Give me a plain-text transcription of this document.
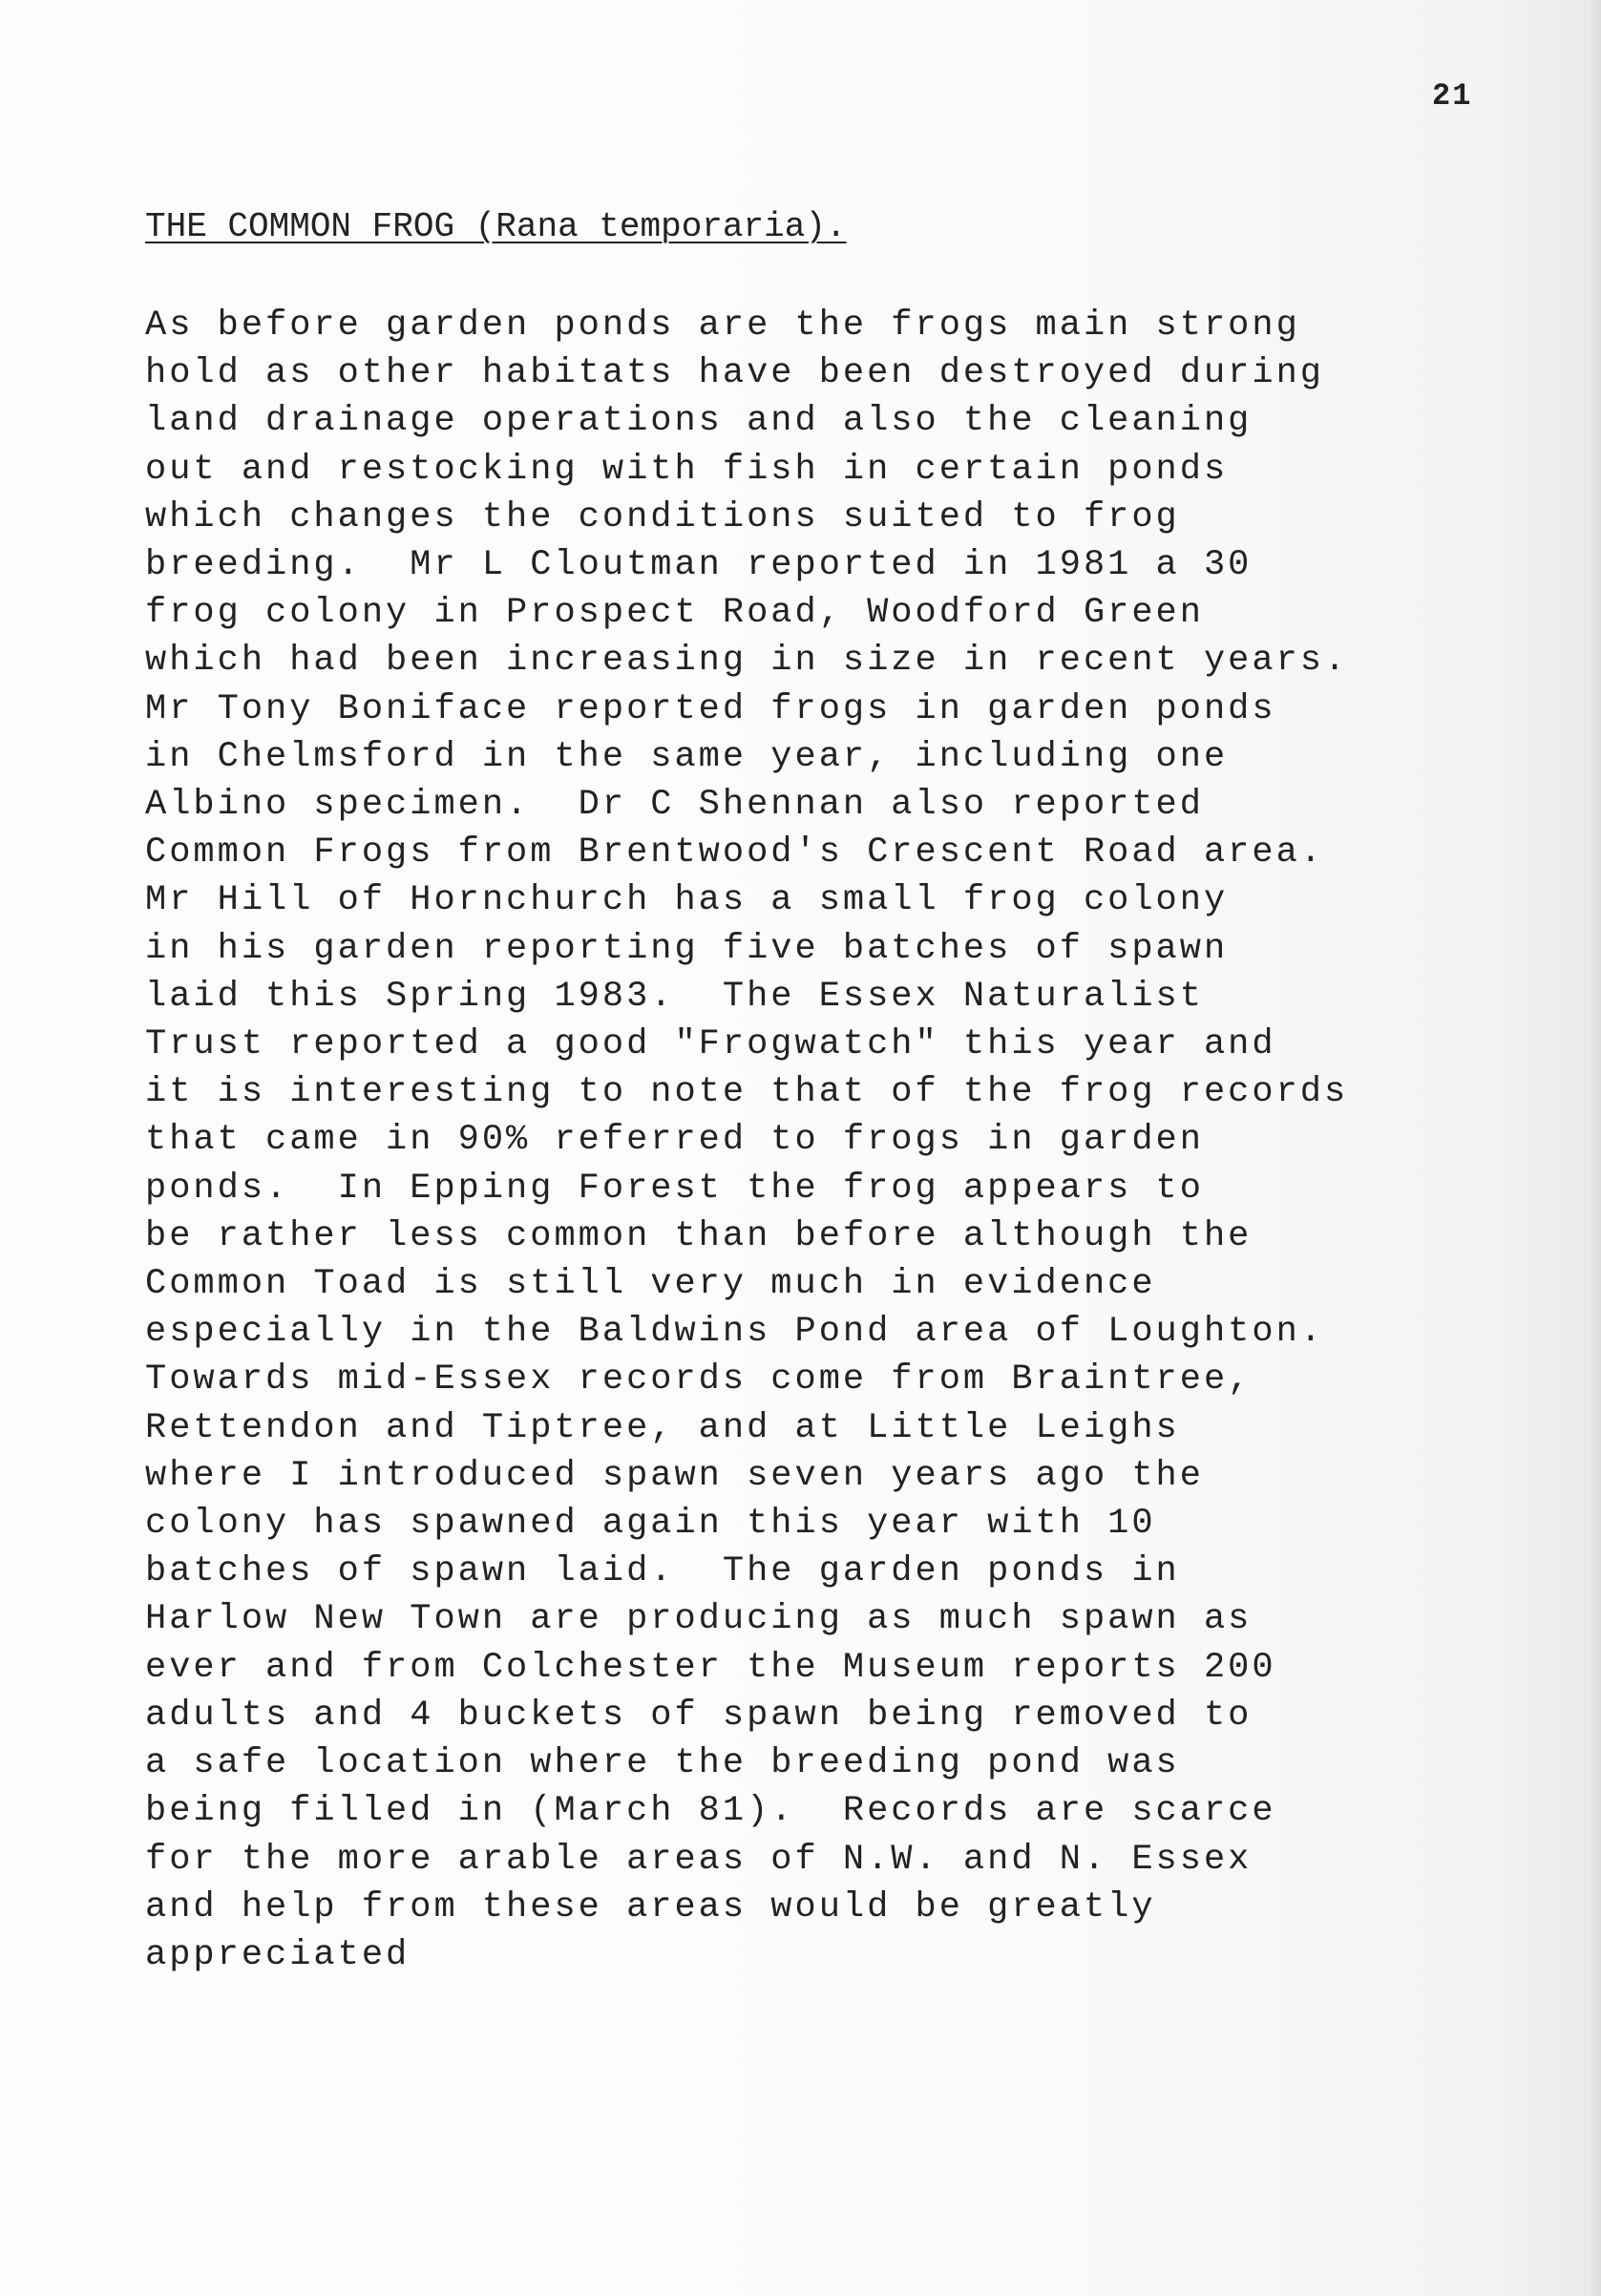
21
THE COMMON FROG (Rana temporaria).
As before garden ponds are the frogs main strong
hold as other habitats have been destroyed during
land drainage operations and also the cleaning
out and restocking with fish in certain ponds
which changes the conditions suited to frog
breeding.  Mr L Cloutman reported in 1981 a 30
frog colony in Prospect Road, Woodford Green
which had been increasing in size in recent years.
Mr Tony Boniface reported frogs in garden ponds
in Chelmsford in the same year, including one
Albino specimen.  Dr C Shennan also reported
Common Frogs from Brentwood's Crescent Road area.
Mr Hill of Hornchurch has a small frog colony
in his garden reporting five batches of spawn
laid this Spring 1983.  The Essex Naturalist
Trust reported a good "Frogwatch" this year and
it is interesting to note that of the frog records
that came in 90% referred to frogs in garden
ponds.  In Epping Forest the frog appears to
be rather less common than before although the
Common Toad is still very much in evidence
especially in the Baldwins Pond area of Loughton.
Towards mid-Essex records come from Braintree,
Rettendon and Tiptree, and at Little Leighs
where I introduced spawn seven years ago the
colony has spawned again this year with 10
batches of spawn laid.  The garden ponds in
Harlow New Town are producing as much spawn as
ever and from Colchester the Museum reports 200
adults and 4 buckets of spawn being removed to
a safe location where the breeding pond was
being filled in (March 81).  Records are scarce
for the more arable areas of N.W. and N. Essex
and help from these areas would be greatly
appreciated
